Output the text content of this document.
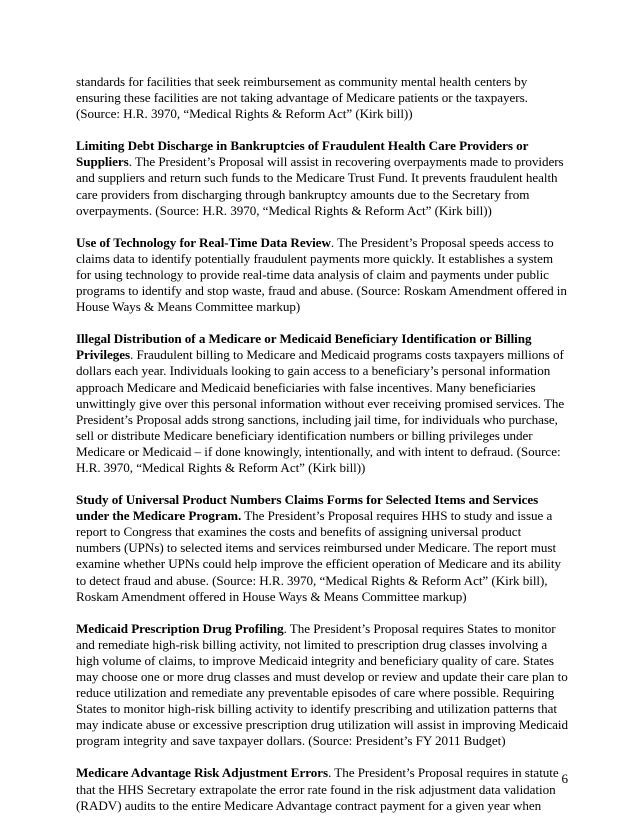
standards for facilities that seek reimbursement as community mental health centers by ensuring these facilities are not taking advantage of Medicare patients or the taxpayers. (Source: H.R. 3970, “Medical Rights & Reform Act” (Kirk bill))

Limiting Debt Discharge in Bankruptcies of Fraudulent Health Care Providers or Suppliers. The President’s Proposal will assist in recovering overpayments made to providers and suppliers and return such funds to the Medicare Trust Fund. It prevents fraudulent health care providers from discharging through bankruptcy amounts due to the Secretary from overpayments. (Source: H.R. 3970, “Medical Rights & Reform Act” (Kirk bill))

Use of Technology for Real-Time Data Review. The President’s Proposal speeds access to claims data to identify potentially fraudulent payments more quickly. It establishes a system for using technology to provide real-time data analysis of claim and payments under public programs to identify and stop waste, fraud and abuse. (Source: Roskam Amendment offered in House Ways & Means Committee markup)

Illegal Distribution of a Medicare or Medicaid Beneficiary Identification or Billing Privileges. Fraudulent billing to Medicare and Medicaid programs costs taxpayers millions of dollars each year. Individuals looking to gain access to a beneficiary’s personal information approach Medicare and Medicaid beneficiaries with false incentives. Many beneficiaries unwittingly give over this personal information without ever receiving promised services. The President’s Proposal adds strong sanctions, including jail time, for individuals who purchase, sell or distribute Medicare beneficiary identification numbers or billing privileges under Medicare or Medicaid – if done knowingly, intentionally, and with intent to defraud. (Source: H.R. 3970, “Medical Rights & Reform Act” (Kirk bill))

Study of Universal Product Numbers Claims Forms for Selected Items and Services under the Medicare Program. The President’s Proposal requires HHS to study and issue a report to Congress that examines the costs and benefits of assigning universal product numbers (UPNs) to selected items and services reimbursed under Medicare. The report must examine whether UPNs could help improve the efficient operation of Medicare and its ability to detect fraud and abuse. (Source: H.R. 3970, “Medical Rights & Reform Act” (Kirk bill), Roskam Amendment offered in House Ways & Means Committee markup)

Medicaid Prescription Drug Profiling. The President’s Proposal requires States to monitor and remediate high-risk billing activity, not limited to prescription drug classes involving a high volume of claims, to improve Medicaid integrity and beneficiary quality of care. States may choose one or more drug classes and must develop or review and update their care plan to reduce utilization and remediate any preventable episodes of care where possible. Requiring States to monitor high-risk billing activity to identify prescribing and utilization patterns that may indicate abuse or excessive prescription drug utilization will assist in improving Medicaid program integrity and save taxpayer dollars. (Source: President’s FY 2011 Budget)

Medicare Advantage Risk Adjustment Errors. The President’s Proposal requires in statute that the HHS Secretary extrapolate the error rate found in the risk adjustment data validation (RADV) audits to the entire Medicare Advantage contract payment for a given year when

6
